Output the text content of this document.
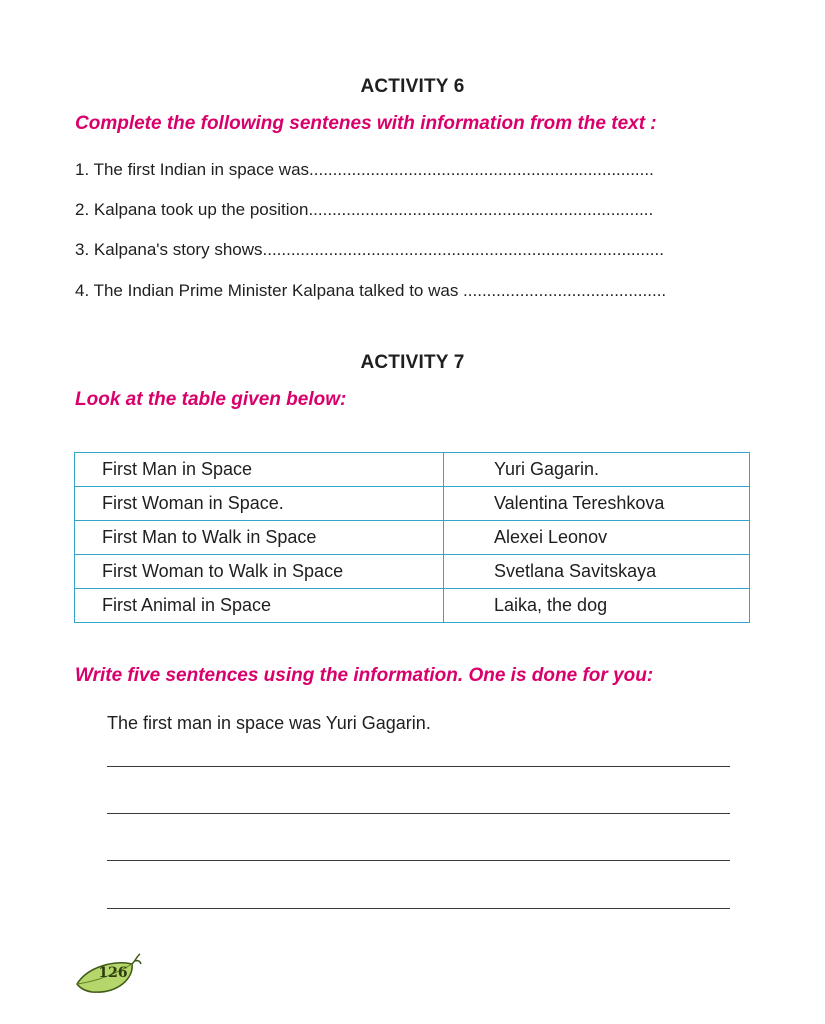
ACTIVITY 6
Complete the following sentenes with information from the text :
1. The first Indian in space was.........................................................................
2. Kalpana took up the position.........................................................................
3. Kalpana's story shows.....................................................................................
4. The Indian Prime Minister Kalpana talked to was ...........................................
ACTIVITY 7
Look at the table given below:
First Man in Space	Yuri Gagarin.
First Woman in Space.	Valentina Tereshkova
First Man to Walk in Space	Alexei Leonov
First Woman to Walk in Space	Svetlana Savitskaya
First Animal in Space	Laika, the dog
Write five sentences using the information. One is done for you:
The first man in space was Yuri Gagarin.
126
